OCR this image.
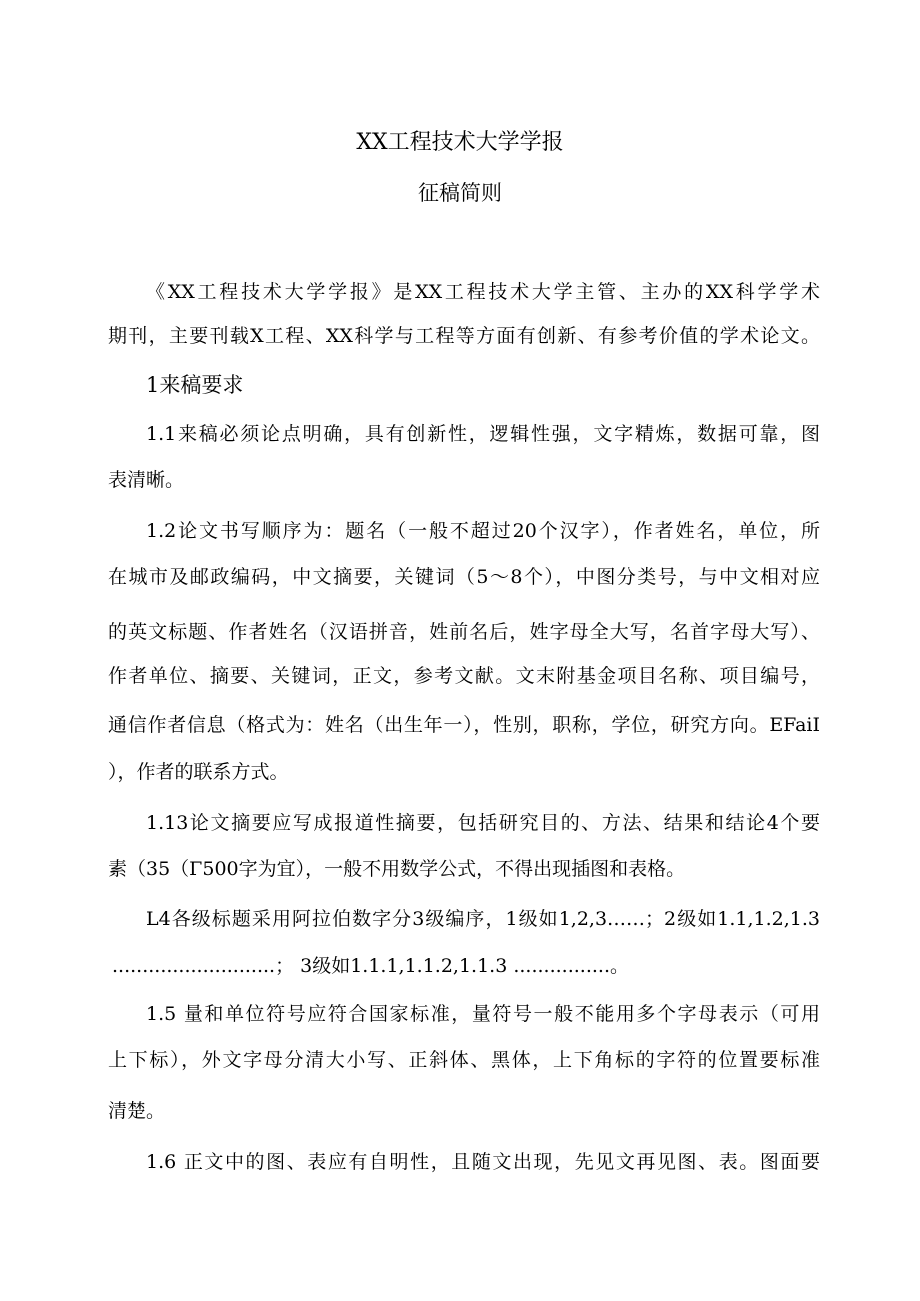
XX工程技术大学学报
征稿简则
《XX工程技术大学学报》是XX工程技术大学主管、主办的XX科学学术
期刊，主要刊载X工程、XX科学与工程等方面有创新、有参考价值的学术论文。
1来稿要求
1.1来稿必须论点明确，具有创新性，逻辑性强，文字精炼，数据可靠，图
表清晰。
1.2论文书写顺序为：题名（一般不超过20个汉字），作者姓名，单位，所
在城市及邮政编码，中文摘要，关键词（5〜8个），中图分类号，与中文相对应
的英文标题、作者姓名（汉语拼音，姓前名后，姓字母全大写，名首字母大写）、
作者单位、摘要、关键词，正文，参考文献。文末附基金项目名称、项目编号，
通信作者信息（格式为：姓名（出生年一），性别，职称，学位，研究方向。EFaiI
），作者的联系方式。
1.13论文摘要应写成报道性摘要，包括研究目的、方法、结果和结论4个要
素（35（Γ500字为宜），一般不用数学公式，不得出现插图和表格。
L4各级标题采用阿拉伯数字分3级编序，1级如1,2,3……；2级如1.1,1.2,1.3
...........................； 3级如1.1.1,1.1.2,1.1.3 ................。
1.5 量和单位符号应符合国家标准，量符号一般不能用多个字母表示（可用
上下标），外文字母分清大小写、正斜体、黑体，上下角标的字符的位置要标准
清楚。
1.6 正文中的图、表应有自明性，且随文出现，先见文再见图、表。图面要
